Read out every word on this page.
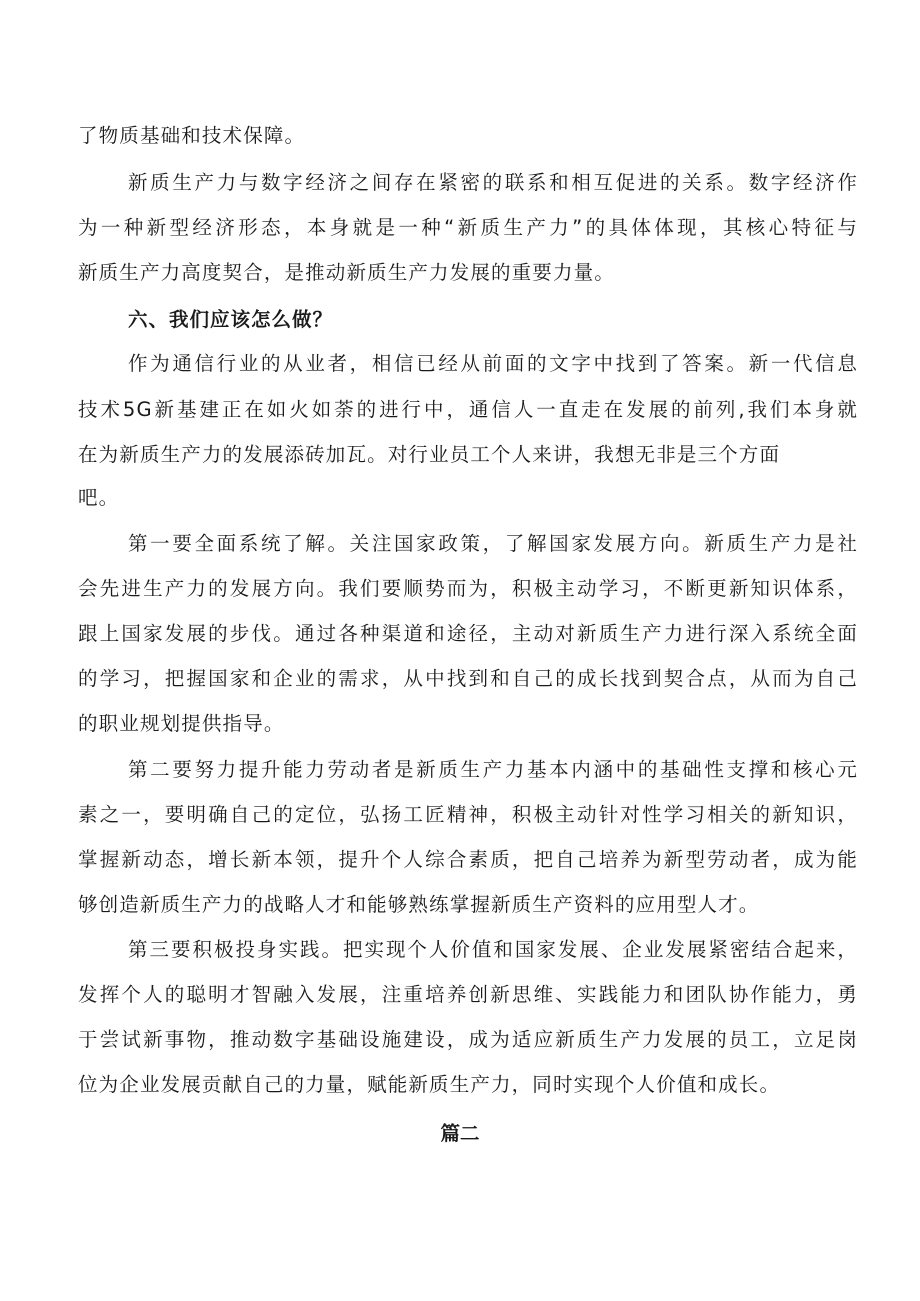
了物质基础和技术保障。
新质生产力与数字经济之间存在紧密的联系和相互促进的关系。数字经济作
为一种新型经济形态，本身就是一种“新质生产力”的具体体现，其核心特征与
新质生产力高度契合，是推动新质生产力发展的重要力量。
六、我们应该怎么做？
作为通信行业的从业者，相信已经从前面的文字中找到了答案。新一代信息
技术5G新基建正在如火如荼的进行中，通信人一直走在发展的前列,我们本身就
在为新质生产力的发展添砖加瓦。对行业员工个人来讲，我想无非是三个方面
吧。
第一要全面系统了解。关注国家政策，了解国家发展方向。新质生产力是社
会先进生产力的发展方向。我们要顺势而为，积极主动学习，不断更新知识体系，
跟上国家发展的步伐。通过各种渠道和途径，主动对新质生产力进行深入系统全面
的学习，把握国家和企业的需求，从中找到和自己的成长找到契合点，从而为自己
的职业规划提供指导。
第二要努力提升能力劳动者是新质生产力基本内涵中的基础性支撑和核心元
素之一，要明确自己的定位，弘扬工匠精神，积极主动针对性学习相关的新知识，
掌握新动态，增长新本领，提升个人综合素质，把自己培养为新型劳动者，成为能
够创造新质生产力的战略人才和能够熟练掌握新质生产资料的应用型人才。
第三要积极投身实践。把实现个人价值和国家发展、企业发展紧密结合起来，
发挥个人的聪明才智融入发展，注重培养创新思维、实践能力和团队协作能力，勇
于尝试新事物，推动数字基础设施建设，成为适应新质生产力发展的员工，立足岗
位为企业发展贡献自己的力量，赋能新质生产力，同时实现个人价值和成长。
篇二
